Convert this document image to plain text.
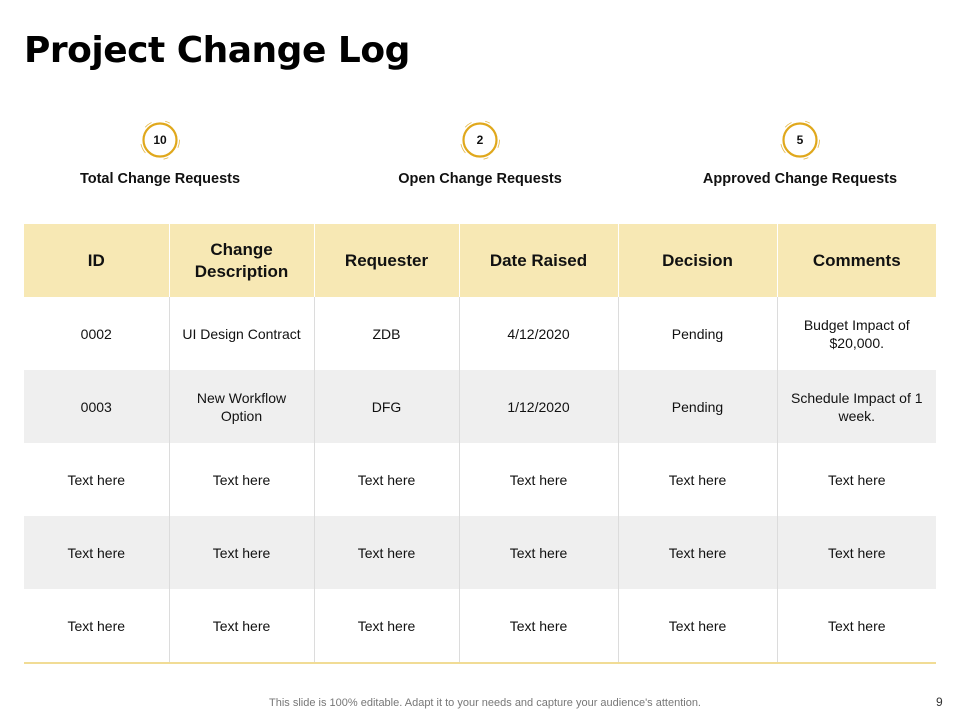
Project Change Log
10
Total Change Requests
2
Open Change Requests
5
Approved Change Requests
ID	Change Description	Requester	Date Raised	Decision	Comments
0002	UI Design Contract	ZDB	4/12/2020	Pending	Budget Impact of $20,000.
0003	New Workflow Option	DFG	1/12/2020	Pending	Schedule Impact of 1 week.
Text here	Text here	Text here	Text here	Text here	Text here
Text here	Text here	Text here	Text here	Text here	Text here
Text here	Text here	Text here	Text here	Text here	Text here
This slide is 100% editable. Adapt it to your needs and capture your audience's attention.	9
